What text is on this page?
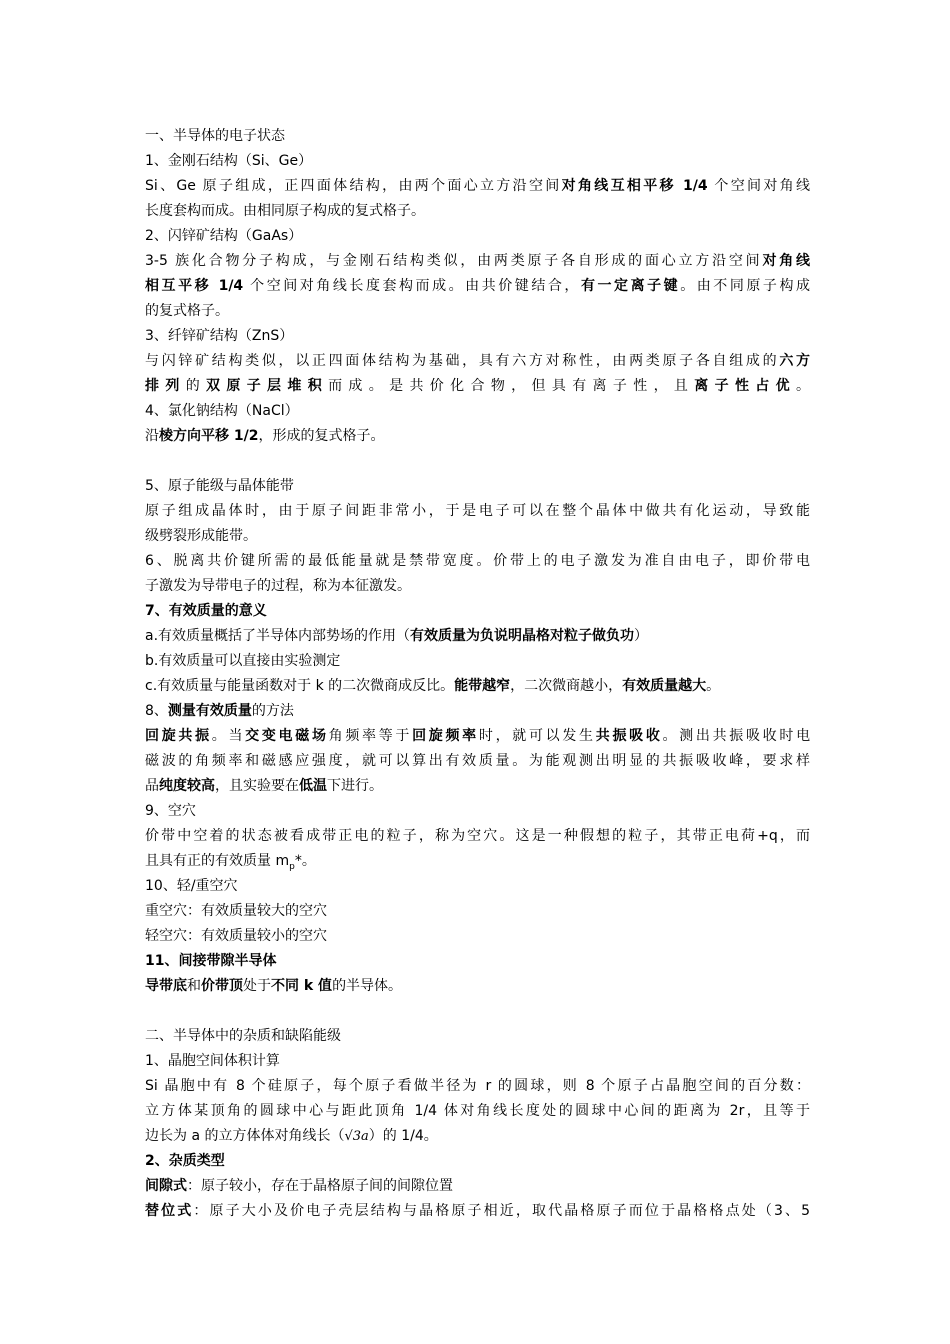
一、半导体的电子状态
1、金刚石结构（Si、Ge）
Si、Ge 原子组成，正四面体结构，由两个面心立方沿空间对角线互相平移 1/4 个空间对角线
长度套构而成。由相同原子构成的复式格子。
2、闪锌矿结构（GaAs）
3-5 族化合物分子构成，与金刚石结构类似，由两类原子各自形成的面心立方沿空间对角线
相互平移 1/4 个空间对角线长度套构而成。由共价键结合，有一定离子键。由不同原子构成
的复式格子。
3、纤锌矿结构（ZnS）
与闪锌矿结构类似，以正四面体结构为基础，具有六方对称性，由两类原子各自组成的六方
排列的双原子层堆积而成。是共价化合物，但具有离子性，且离子性占优。
4、氯化钠结构（NaCl）
沿棱方向平移 1/2，形成的复式格子。
5、原子能级与晶体能带
原子组成晶体时，由于原子间距非常小，于是电子可以在整个晶体中做共有化运动，导致能
级劈裂形成能带。
6、脱离共价键所需的最低能量就是禁带宽度。价带上的电子激发为准自由电子，即价带电
子激发为导带电子的过程，称为本征激发。
7、有效质量的意义
a.有效质量概括了半导体内部势场的作用（有效质量为负说明晶格对粒子做负功）
b.有效质量可以直接由实验测定
c.有效质量与能量函数对于 k 的二次微商成反比。能带越窄，二次微商越小，有效质量越大。
8、测量有效质量的方法
回旋共振。当交变电磁场角频率等于回旋频率时，就可以发生共振吸收。测出共振吸收时电
磁波的角频率和磁感应强度，就可以算出有效质量。为能观测出明显的共振吸收峰，要求样
品纯度较高，且实验要在低温下进行。
9、空穴
价带中空着的状态被看成带正电的粒子，称为空穴。这是一种假想的粒子，其带正电荷+q，而
且具有正的有效质量 $m_p*$。
10、轻/重空穴
重空穴：有效质量较大的空穴
轻空穴：有效质量较小的空穴
11、间接带隙半导体
导带底和价带顶处于不同 k 值的半导体。
二、半导体中的杂质和缺陷能级
1、晶胞空间体积计算
Si 晶胞中有 8 个硅原子，每个原子看做半径为 r 的圆球，则 8 个原子占晶胞空间的百分数：
立方体某顶角的圆球中心与距此顶角 1/4 体对角线长度处的圆球中心间的距离为 2r，且等于
边长为 a 的立方体体对角线长（√3a）的 1/4。
2、杂质类型
间隙式：原子较小，存在于晶格原子间的间隙位置
替位式：原子大小及价电子壳层结构与晶格原子相近，取代晶格原子而位于晶格格点处（3、5
